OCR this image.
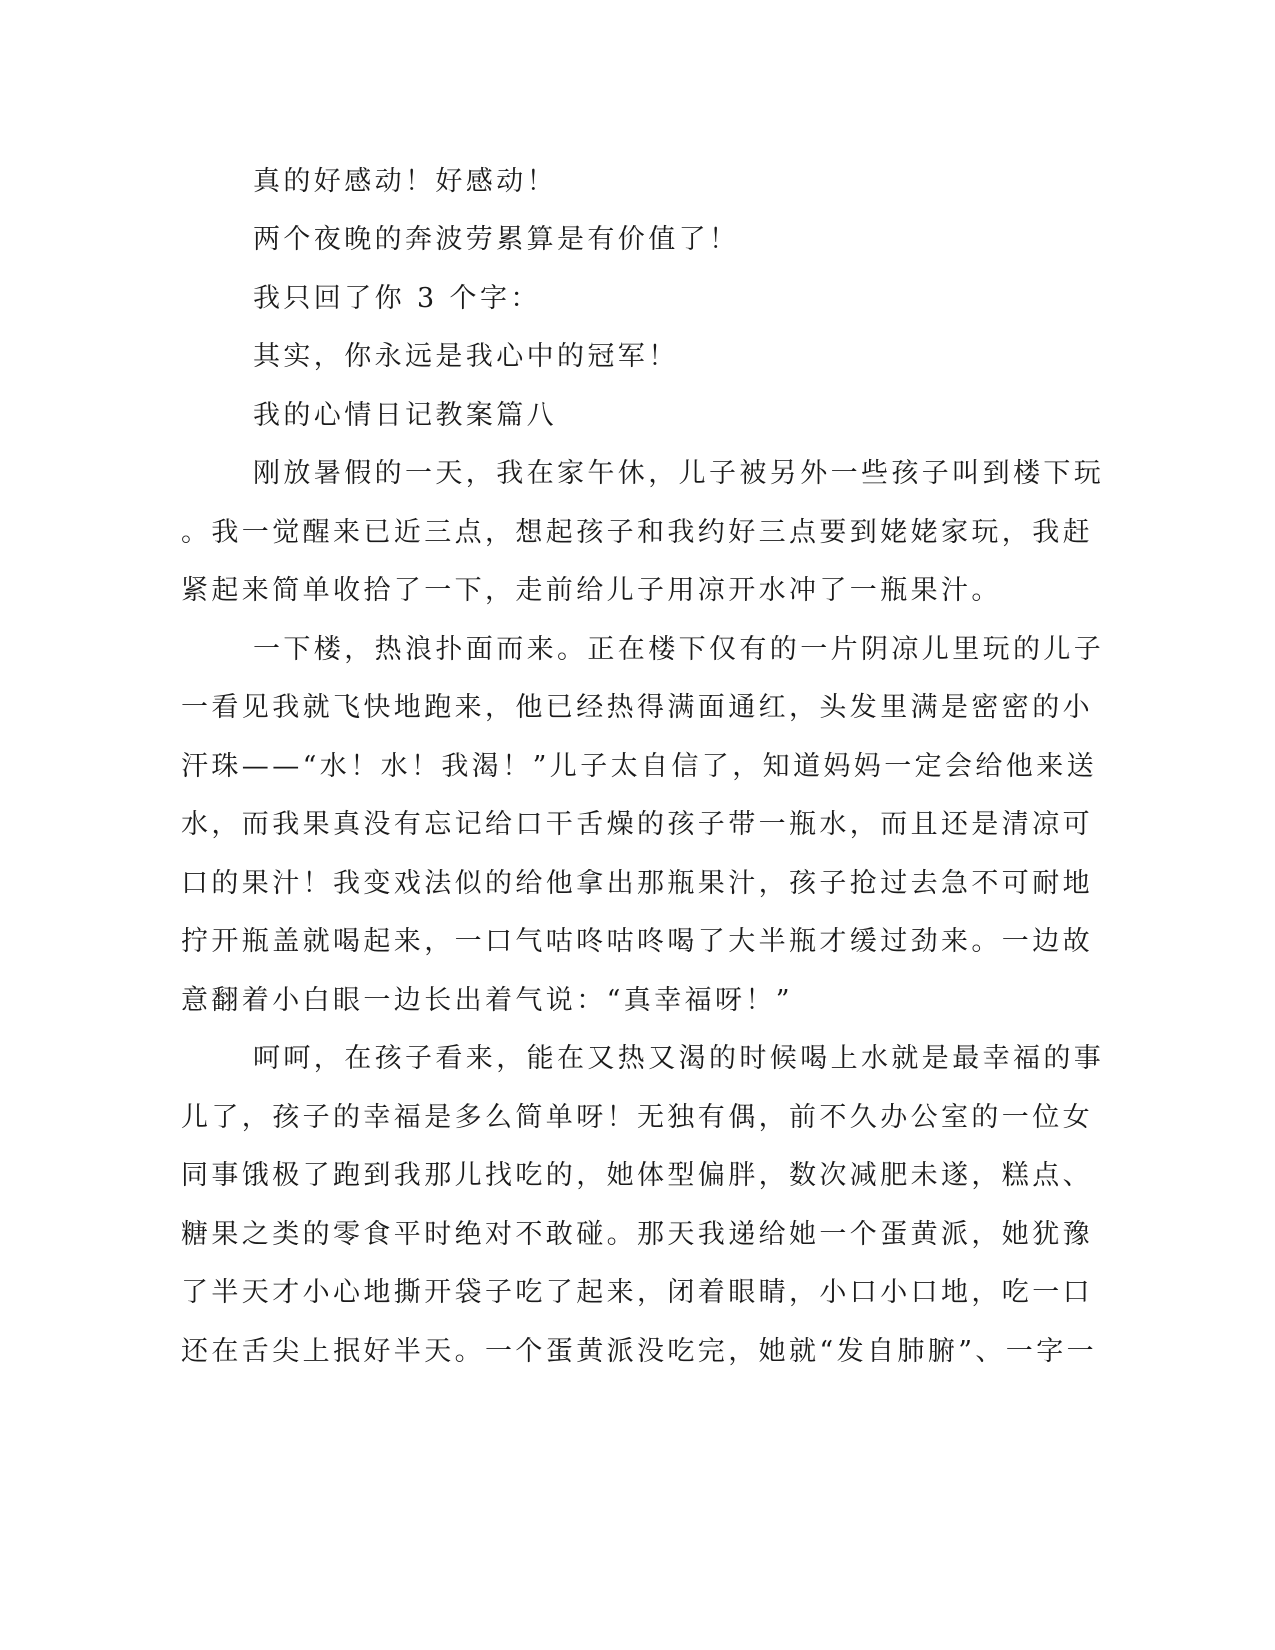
真的好感动！好感动！
两个夜晚的奔波劳累算是有价值了！
我只回了你 3 个字：
其实，你永远是我心中的冠军！
我的心情日记教案篇八
刚放暑假的一天，我在家午休，儿子被另外一些孩子叫到楼下玩
。我一觉醒来已近三点，想起孩子和我约好三点要到姥姥家玩，我赶
紧起来简单收拾了一下，走前给儿子用凉开水冲了一瓶果汁。
一下楼，热浪扑面而来。正在楼下仅有的一片阴凉儿里玩的儿子
一看见我就飞快地跑来，他已经热得满面通红，头发里满是密密的小
汗珠——“水！水！我渴！”儿子太自信了，知道妈妈一定会给他来送
水，而我果真没有忘记给口干舌燥的孩子带一瓶水，而且还是清凉可
口的果汁！我变戏法似的给他拿出那瓶果汁，孩子抢过去急不可耐地
拧开瓶盖就喝起来，一口气咕咚咕咚喝了大半瓶才缓过劲来。一边故
意翻着小白眼一边长出着气说：“真幸福呀！”
呵呵，在孩子看来，能在又热又渴的时候喝上水就是最幸福的事
儿了，孩子的幸福是多么简单呀！无独有偶，前不久办公室的一位女
同事饿极了跑到我那儿找吃的，她体型偏胖，数次减肥未遂，糕点、
糖果之类的零食平时绝对不敢碰。那天我递给她一个蛋黄派，她犹豫
了半天才小心地撕开袋子吃了起来，闭着眼睛，小口小口地，吃一口
还在舌尖上抿好半天。一个蛋黄派没吃完，她就“发自肺腑”、一字一
